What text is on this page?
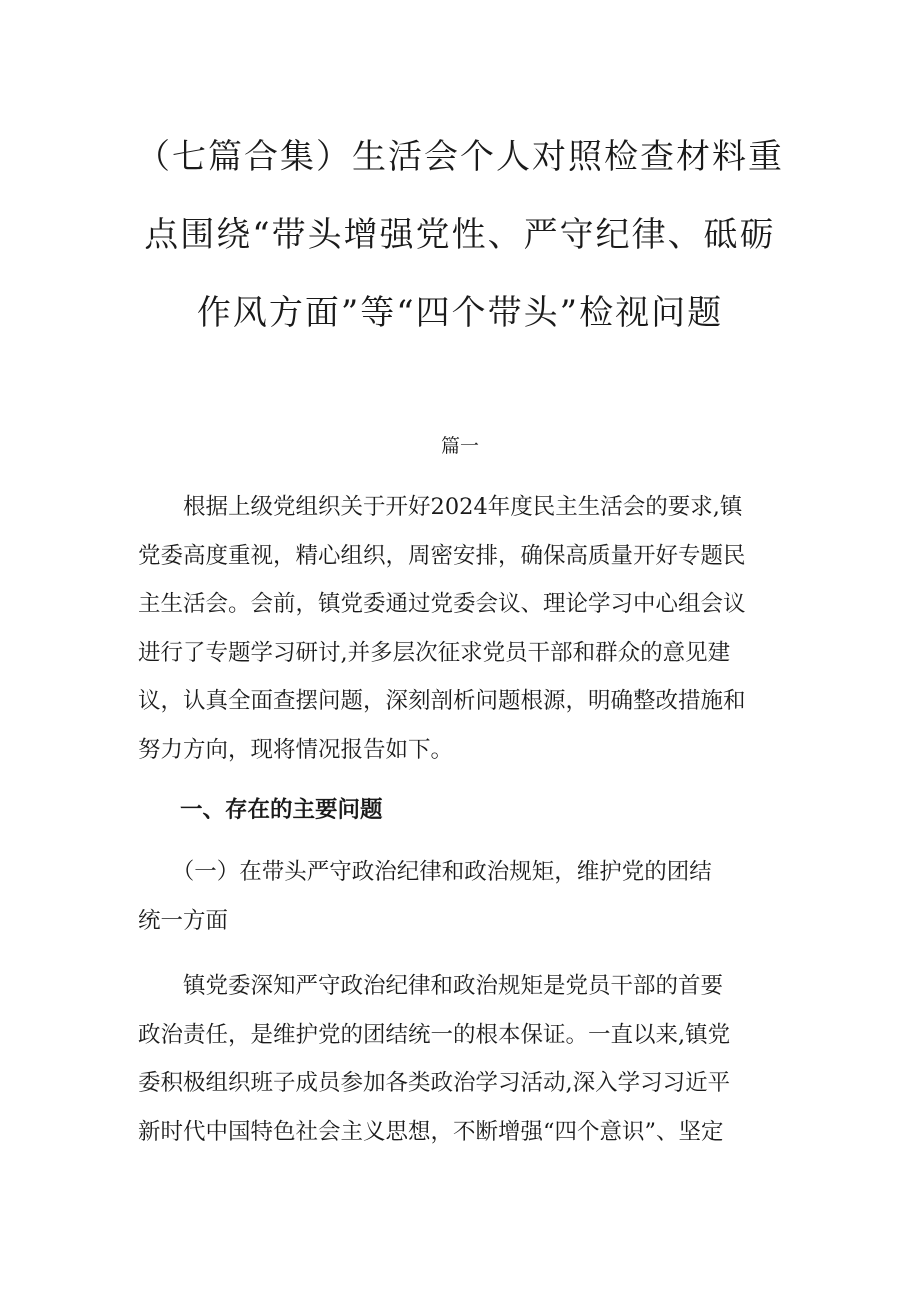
（七篇合集）生活会个人对照检查材料重
点围绕“带头增强党性、严守纪律、砥砺
作风方面”等“四个带头”检视问题
篇一

　　根据上级党组织关于开好2024年度民主生活会的要求,镇
党委高度重视，精心组织，周密安排，确保高质量开好专题民
主生活会。会前，镇党委通过党委会议、理论学习中心组会议
进行了专题学习研讨,并多层次征求党员干部和群众的意见建
议，认真全面查摆问题，深刻剖析问题根源，明确整改措施和
努力方向，现将情况报告如下。

一、存在的主要问题

　　（一）在带头严守政治纪律和政治规矩，维护党的团结
统一方面

　　镇党委深知严守政治纪律和政治规矩是党员干部的首要
政治责任，是维护党的团结统一的根本保证。一直以来,镇党
委积极组织班子成员参加各类政治学习活动,深入学习习近平
新时代中国特色社会主义思想，不断增强“四个意识”、坚定
